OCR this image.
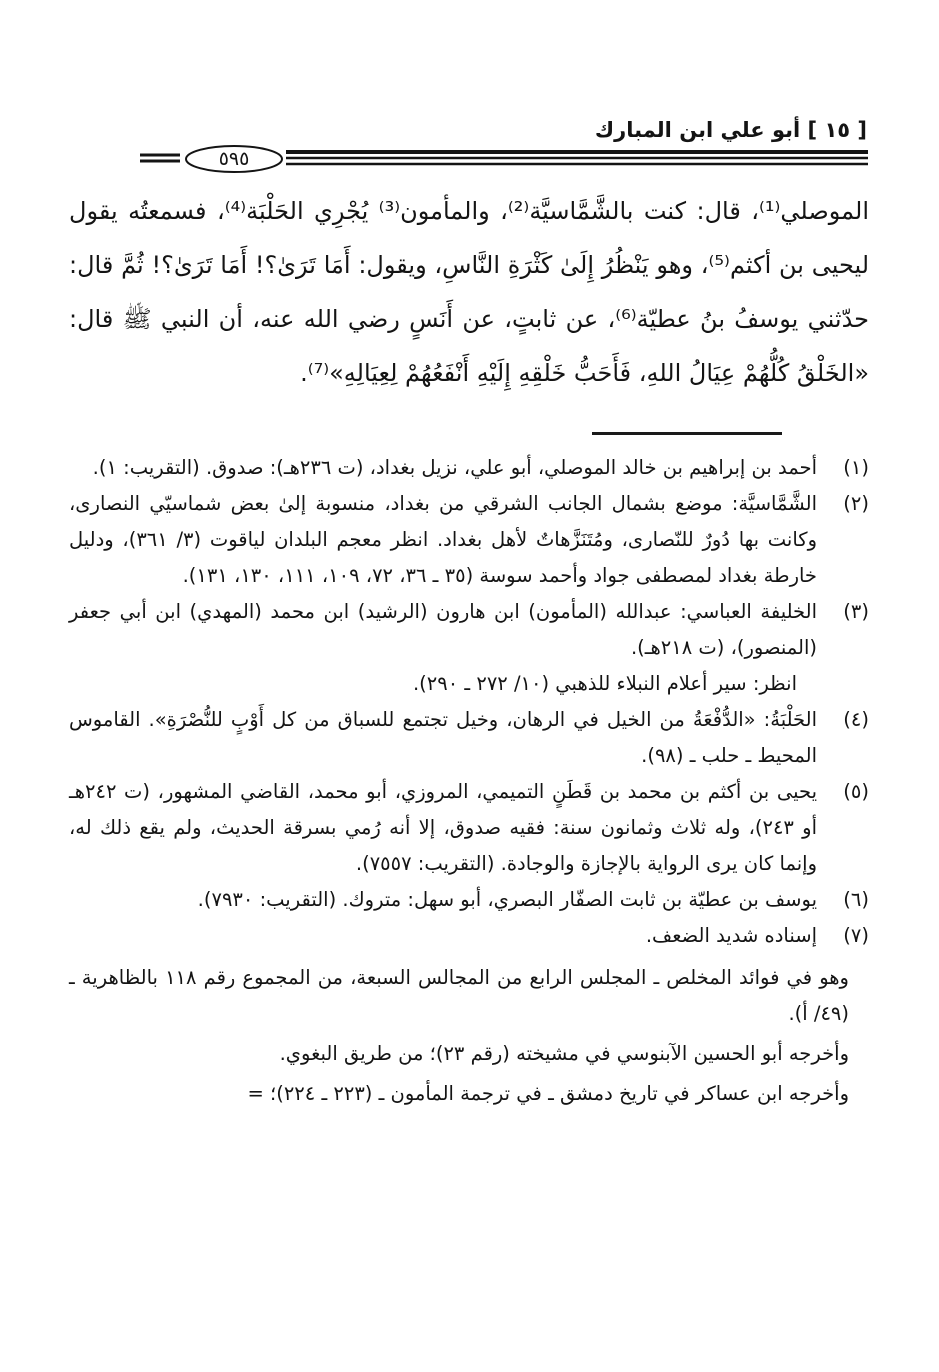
[ ١٥ ] أبو علي ابن المبارك
٥٩٥

الموصلي⁽¹⁾، قال: كنت بالشَّمَّاسيَّة⁽²⁾، والمأمون⁽³⁾ يُجْرِي الحَلْبَة⁽⁴⁾، فسمعتُه يقول ليحيى بن أكثم⁽⁵⁾، وهو يَنْظُرُ إِلَىٰ كَثْرَةِ النَّاسِ، ويقول: أَمَا تَرَىٰ؟! أَمَا تَرَىٰ؟! ثُمَّ قال: حدّثني يوسفُ بنُ عطيّة⁽⁶⁾، عن ثابتٍ، عن أَنَسٍ رضي الله عنه، أن النبي ﷺ قال: «الخَلْقُ كُلُّهُمْ عِيَالُ اللهِ، فَأَحَبُّ خَلْقِهِ إِلَيْهِ أَنْفَعُهُمْ لِعِيَالِهِ»⁽⁷⁾.

(١)
أحمد بن إبراهيم بن خالد الموصلي، أبو علي، نزيل بغداد، (ت ٢٣٦هـ): صدوق. (التقريب: ١).
(٢)
الشَّمَّاسيَّة: موضع بشمال الجانب الشرقي من بغداد، منسوبة إلىٰ بعض شماسيّي النصارى، وكانت بها دُورٌ للنّصارى، ومُتَنَزَّهاتٌ لأهل بغداد. انظر معجم البلدان لياقوت (٣/ ٣٦١)، ودليل خارطة بغداد لمصطفى جواد وأحمد سوسة (٣٥ ـ ٣٦، ٧٢، ١٠٩، ١١١، ١٣٠، ١٣١).
(٣)
الخليفة العباسي: عبدالله (المأمون) ابن هارون (الرشيد) ابن محمد (المهدي) ابن أبي جعفر (المنصور)، (ت ٢١٨هـ).
انظر: سير أعلام النبلاء للذهبي (١٠/ ٢٧٢ ـ ٢٩٠).
(٤)
الحَلْبَةُ: «الدُّفْعَةُ من الخيل في الرهان، وخيل تجتمع للسباق من كل أَوْبٍ للنُّصْرَةِ». القاموس المحيط ـ حلب ـ (٩٨).
(٥)
يحيى بن أكثم بن محمد بن قَطَنٍ التميمي، المروزي، أبو محمد، القاضي المشهور، (ت ٢٤٢هـ أو ٢٤٣)، وله ثلاث وثمانون سنة: فقيه صدوق، إلا أنه رُمي بسرقة الحديث، ولم يقع ذلك له، وإنما كان يرى الرواية بالإجازة والوجادة. (التقريب: ٧٥٥٧).
(٦)
يوسف بن عطيّة بن ثابت الصفّار البصري، أبو سهل: متروك. (التقريب: ٧٩٣٠).
(٧)
إسناده شديد الضعف.

وهو في فوائد المخلص ـ المجلس الرابع من المجالس السبعة، من المجموع رقم ١١٨ بالظاهرية ـ (٤٩/ أ).

وأخرجه أبو الحسين الآبنوسي في مشيخته (رقم ٢٣)؛ من طريق البغوي.

وأخرجه ابن عساكر في تاريخ دمشق ـ في ترجمة المأمون ـ (٢٢٣ ـ ٢٢٤)؛ =
